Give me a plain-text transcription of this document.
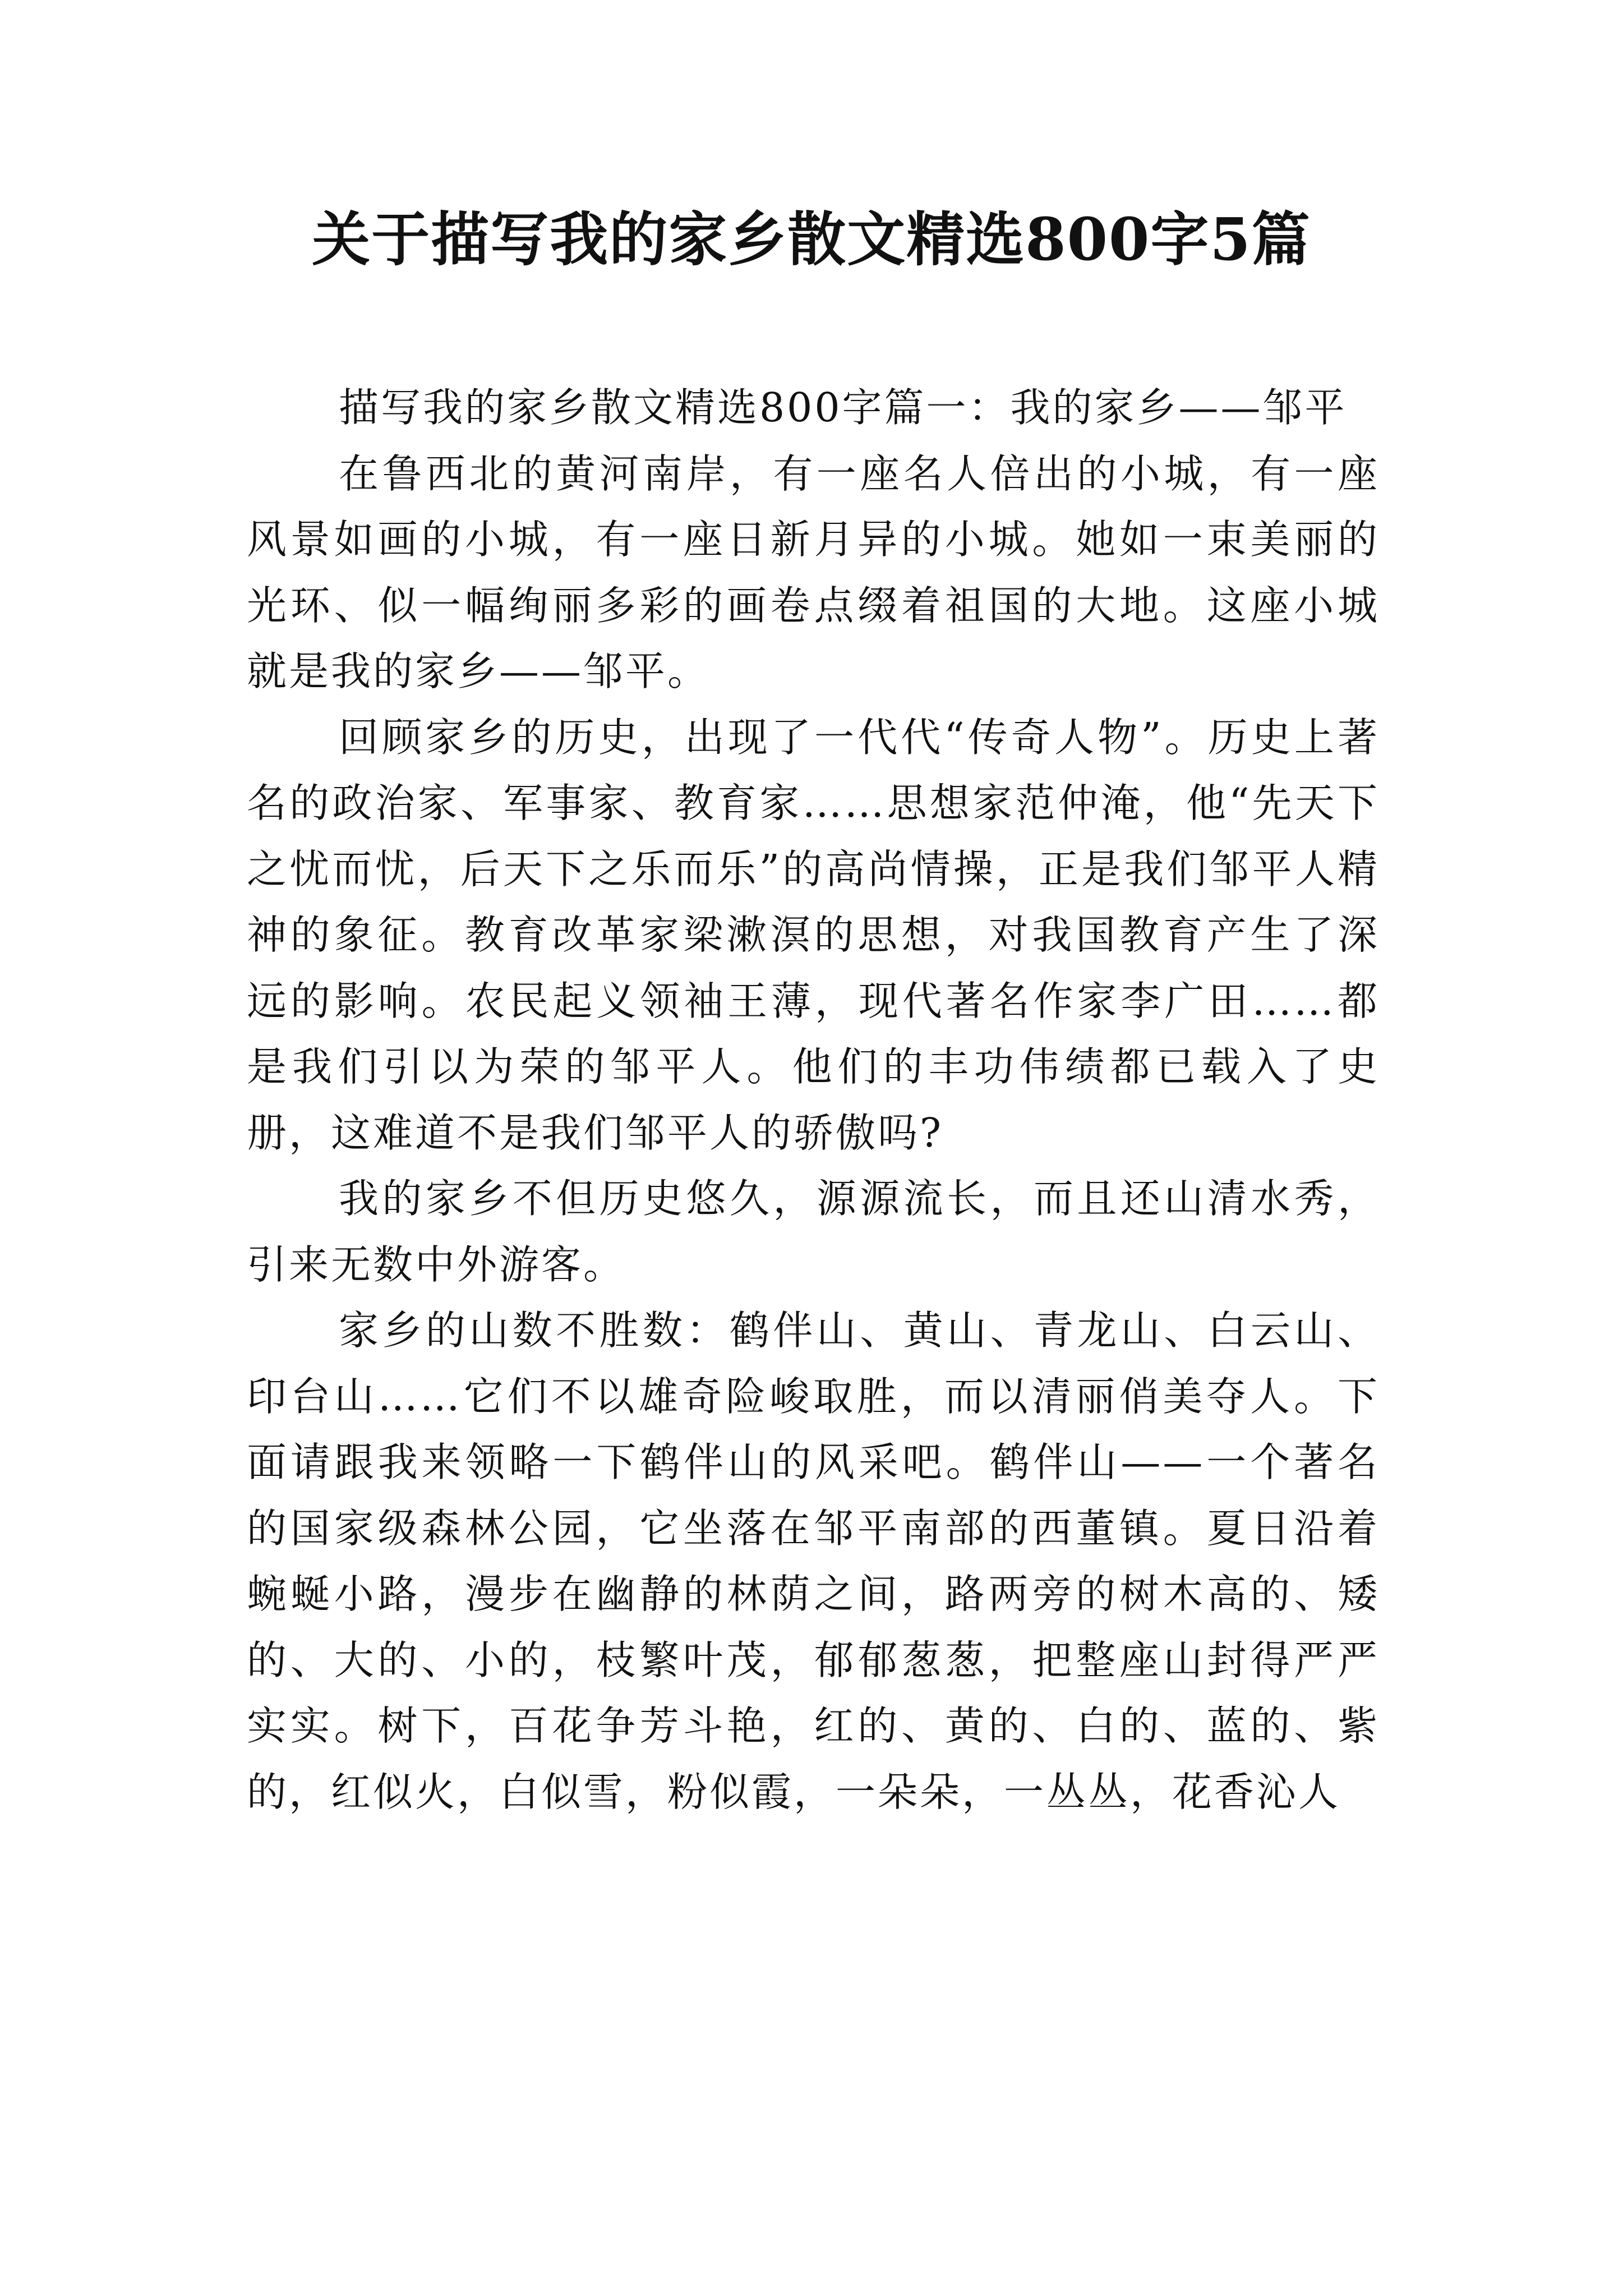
关于描写我的家乡散文精选800字5篇

描写我的家乡散文精选800字篇一：我的家乡——邹平

在鲁西北的黄河南岸，有一座名人倍出的小城，有一座风景如画的小城，有一座日新月异的小城。她如一束美丽的光环、似一幅绚丽多彩的画卷点缀着祖国的大地。这座小城就是我的家乡——邹平。

回顾家乡的历史，出现了一代代“传奇人物”。历史上著名的政治家、军事家、教育家……思想家范仲淹，他“先天下之忧而忧，后天下之乐而乐”的高尚情操，正是我们邹平人精神的象征。教育改革家梁漱溟的思想，对我国教育产生了深远的影响。农民起义领袖王薄，现代著名作家李广田……都是我们引以为荣的邹平人。他们的丰功伟绩都已载入了史册，这难道不是我们邹平人的骄傲吗?

我的家乡不但历史悠久，源源流长，而且还山清水秀，引来无数中外游客。

家乡的山数不胜数：鹤伴山、黄山、青龙山、白云山、印台山……它们不以雄奇险峻取胜，而以清丽俏美夺人。下面请跟我来领略一下鹤伴山的风采吧。鹤伴山——一个著名的国家级森林公园，它坐落在邹平南部的西董镇。夏日沿着蜿蜒小路，漫步在幽静的林荫之间，路两旁的树木高的、矮的、大的、小的，枝繁叶茂，郁郁葱葱，把整座山封得严严实实。树下，百花争芳斗艳，红的、黄的、白的、蓝的、紫的，红似火，白似雪，粉似霞，一朵朵，一丛丛，花香沁人
